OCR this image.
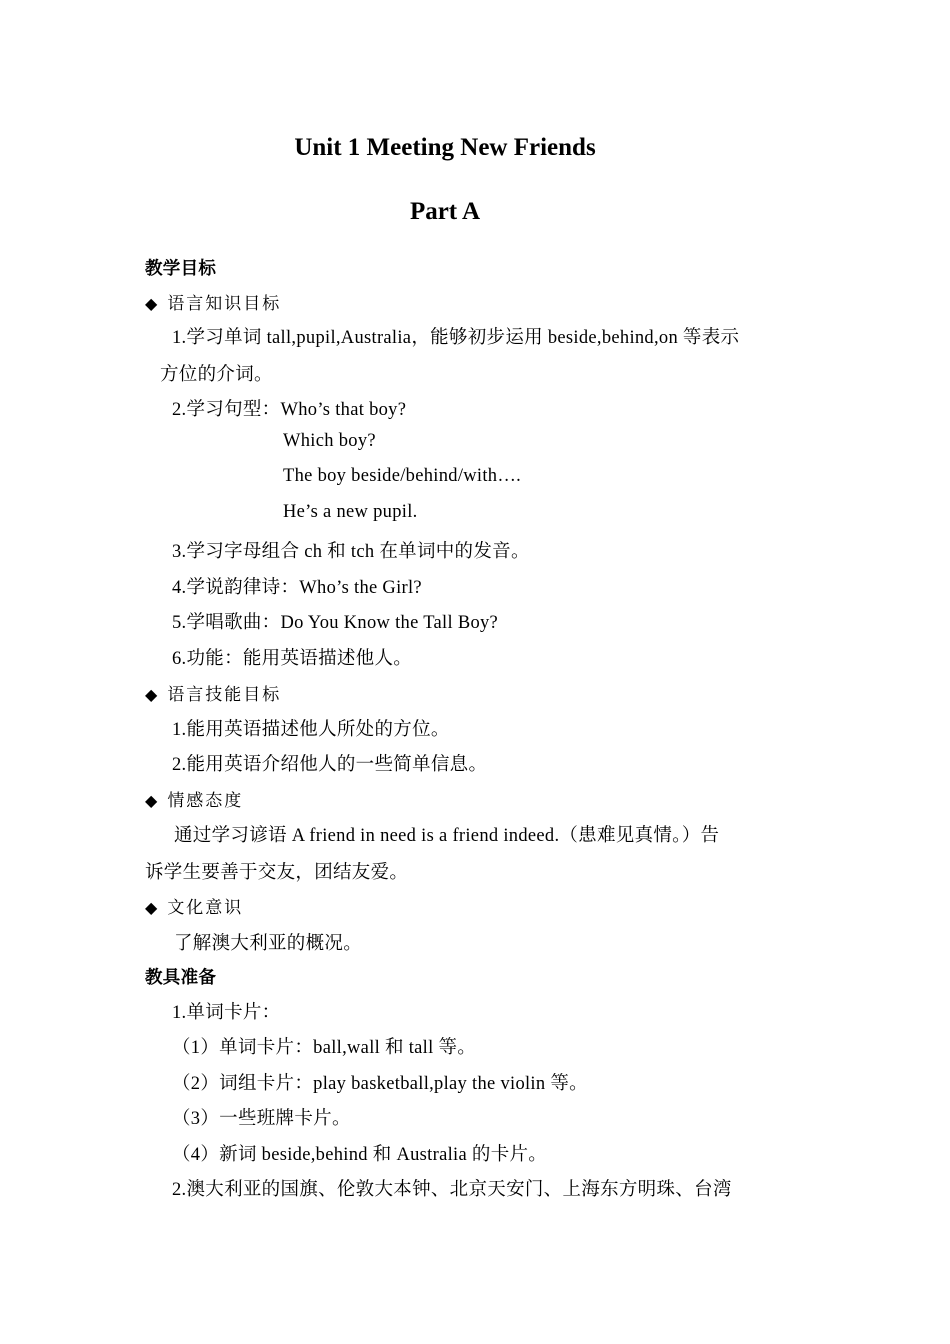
Unit 1 Meeting New Friends
Part A
教学目标
◆ 语言知识目标
1.学习单词 tall,pupil,Australia，能够初步运用 beside,behind,on 等表示
方位的介词。
2.学习句型：Who’s that boy?
Which boy?
The boy beside/behind/with….
He’s a new pupil.
3.学习字母组合 ch 和 tch 在单词中的发音。
4.学说韵律诗：Who’s the Girl?
5.学唱歌曲：Do You Know the Tall Boy?
6.功能：能用英语描述他人。
◆ 语言技能目标
1.能用英语描述他人所处的方位。
2.能用英语介绍他人的一些简单信息。
◆ 情感态度
通过学习谚语 A friend in need is a friend indeed.（患难见真情。）告
诉学生要善于交友，团结友爱。
◆ 文化意识
了解澳大利亚的概况。
教具准备
1.单词卡片：
（1）单词卡片：ball,wall 和 tall 等。
（2）词组卡片：play basketball,play the violin 等。
（3）一些班牌卡片。
（4）新词 beside,behind 和 Australia 的卡片。
2.澳大利亚的国旗、伦敦大本钟、北京天安门、上海东方明珠、台湾
